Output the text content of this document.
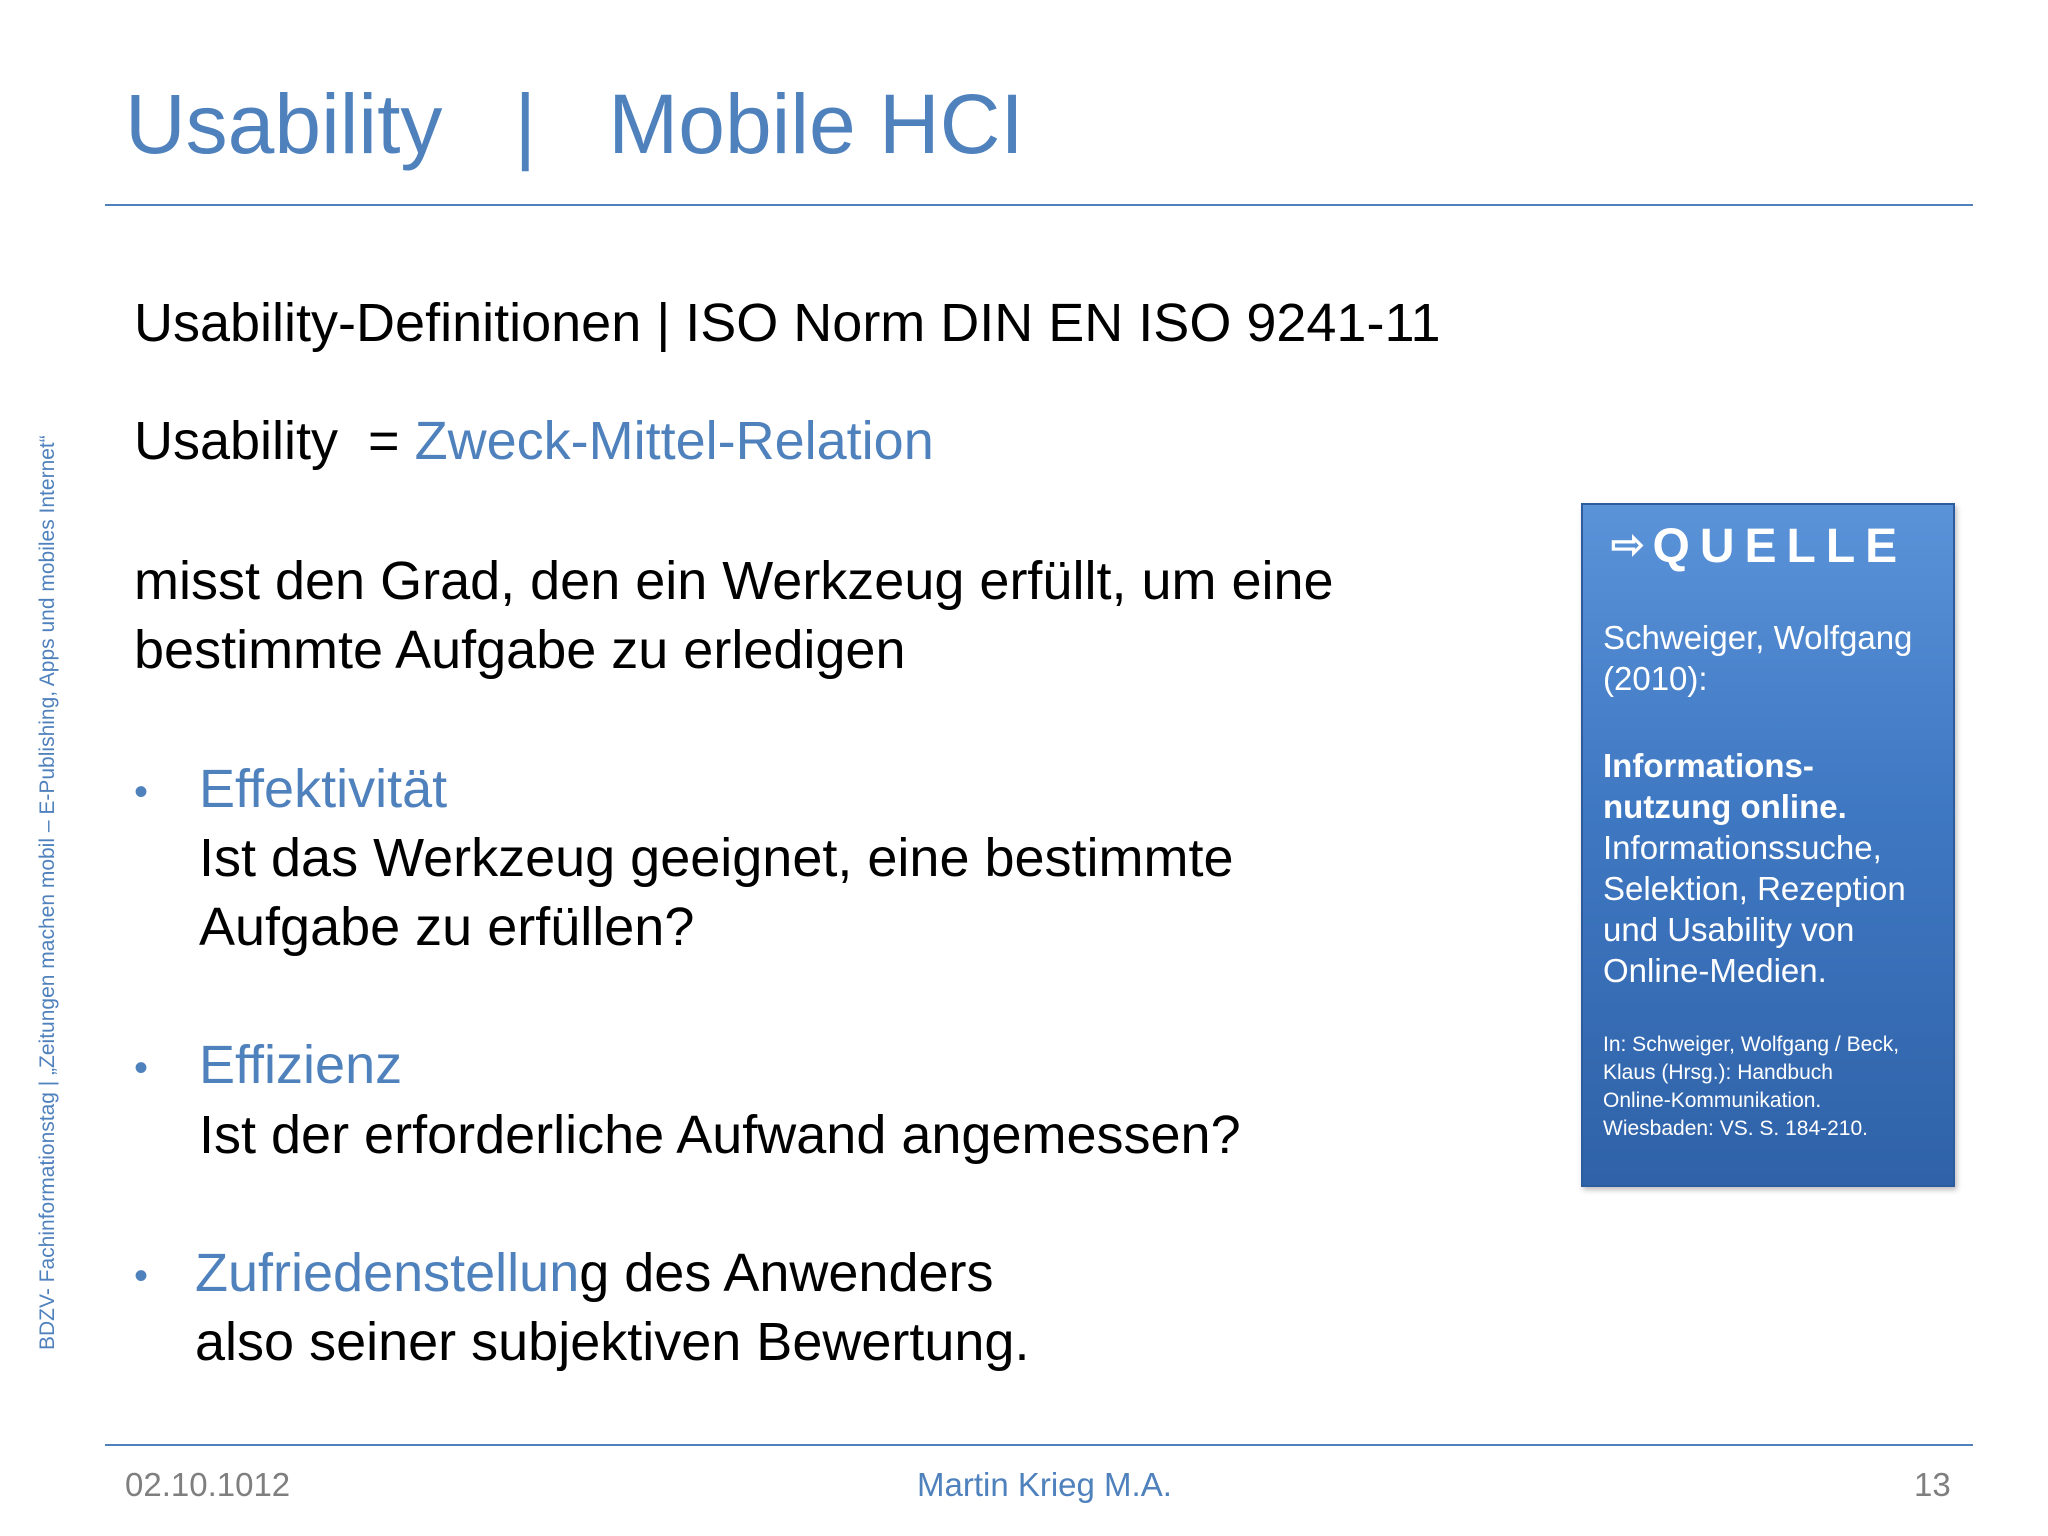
Usability | Mobile HCI
BDZV- Fachinformationstag | „Zeitungen machen mobil – E-Publishing, Apps und mobiles Internet“
Usability-Definitionen | ISO Norm DIN EN ISO 9241-11
Usability  = Zweck-Mittel-Relation
misst den Grad, den ein Werkzeug erfüllt, um eine
bestimmte Aufgabe zu erledigen
• Effektivität
Ist das Werkzeug geeignet, eine bestimmte
Aufgabe zu erfüllen?
• Effizienz
Ist der erforderliche Aufwand angemessen?
• Zufriedenstellung des Anwenders
also seiner subjektiven Bewertung.
⇨ QUELLE
Schweiger, Wolfgang
(2010):
Informations-
nutzung online.
Informationssuche,
Selektion, Rezeption
und Usability von
Online-Medien.
In: Schweiger, Wolfgang / Beck,
Klaus (Hrsg.): Handbuch
Online-Kommunikation.
Wiesbaden: VS. S. 184-210.
02.10.1012	Martin Krieg M.A.	13
